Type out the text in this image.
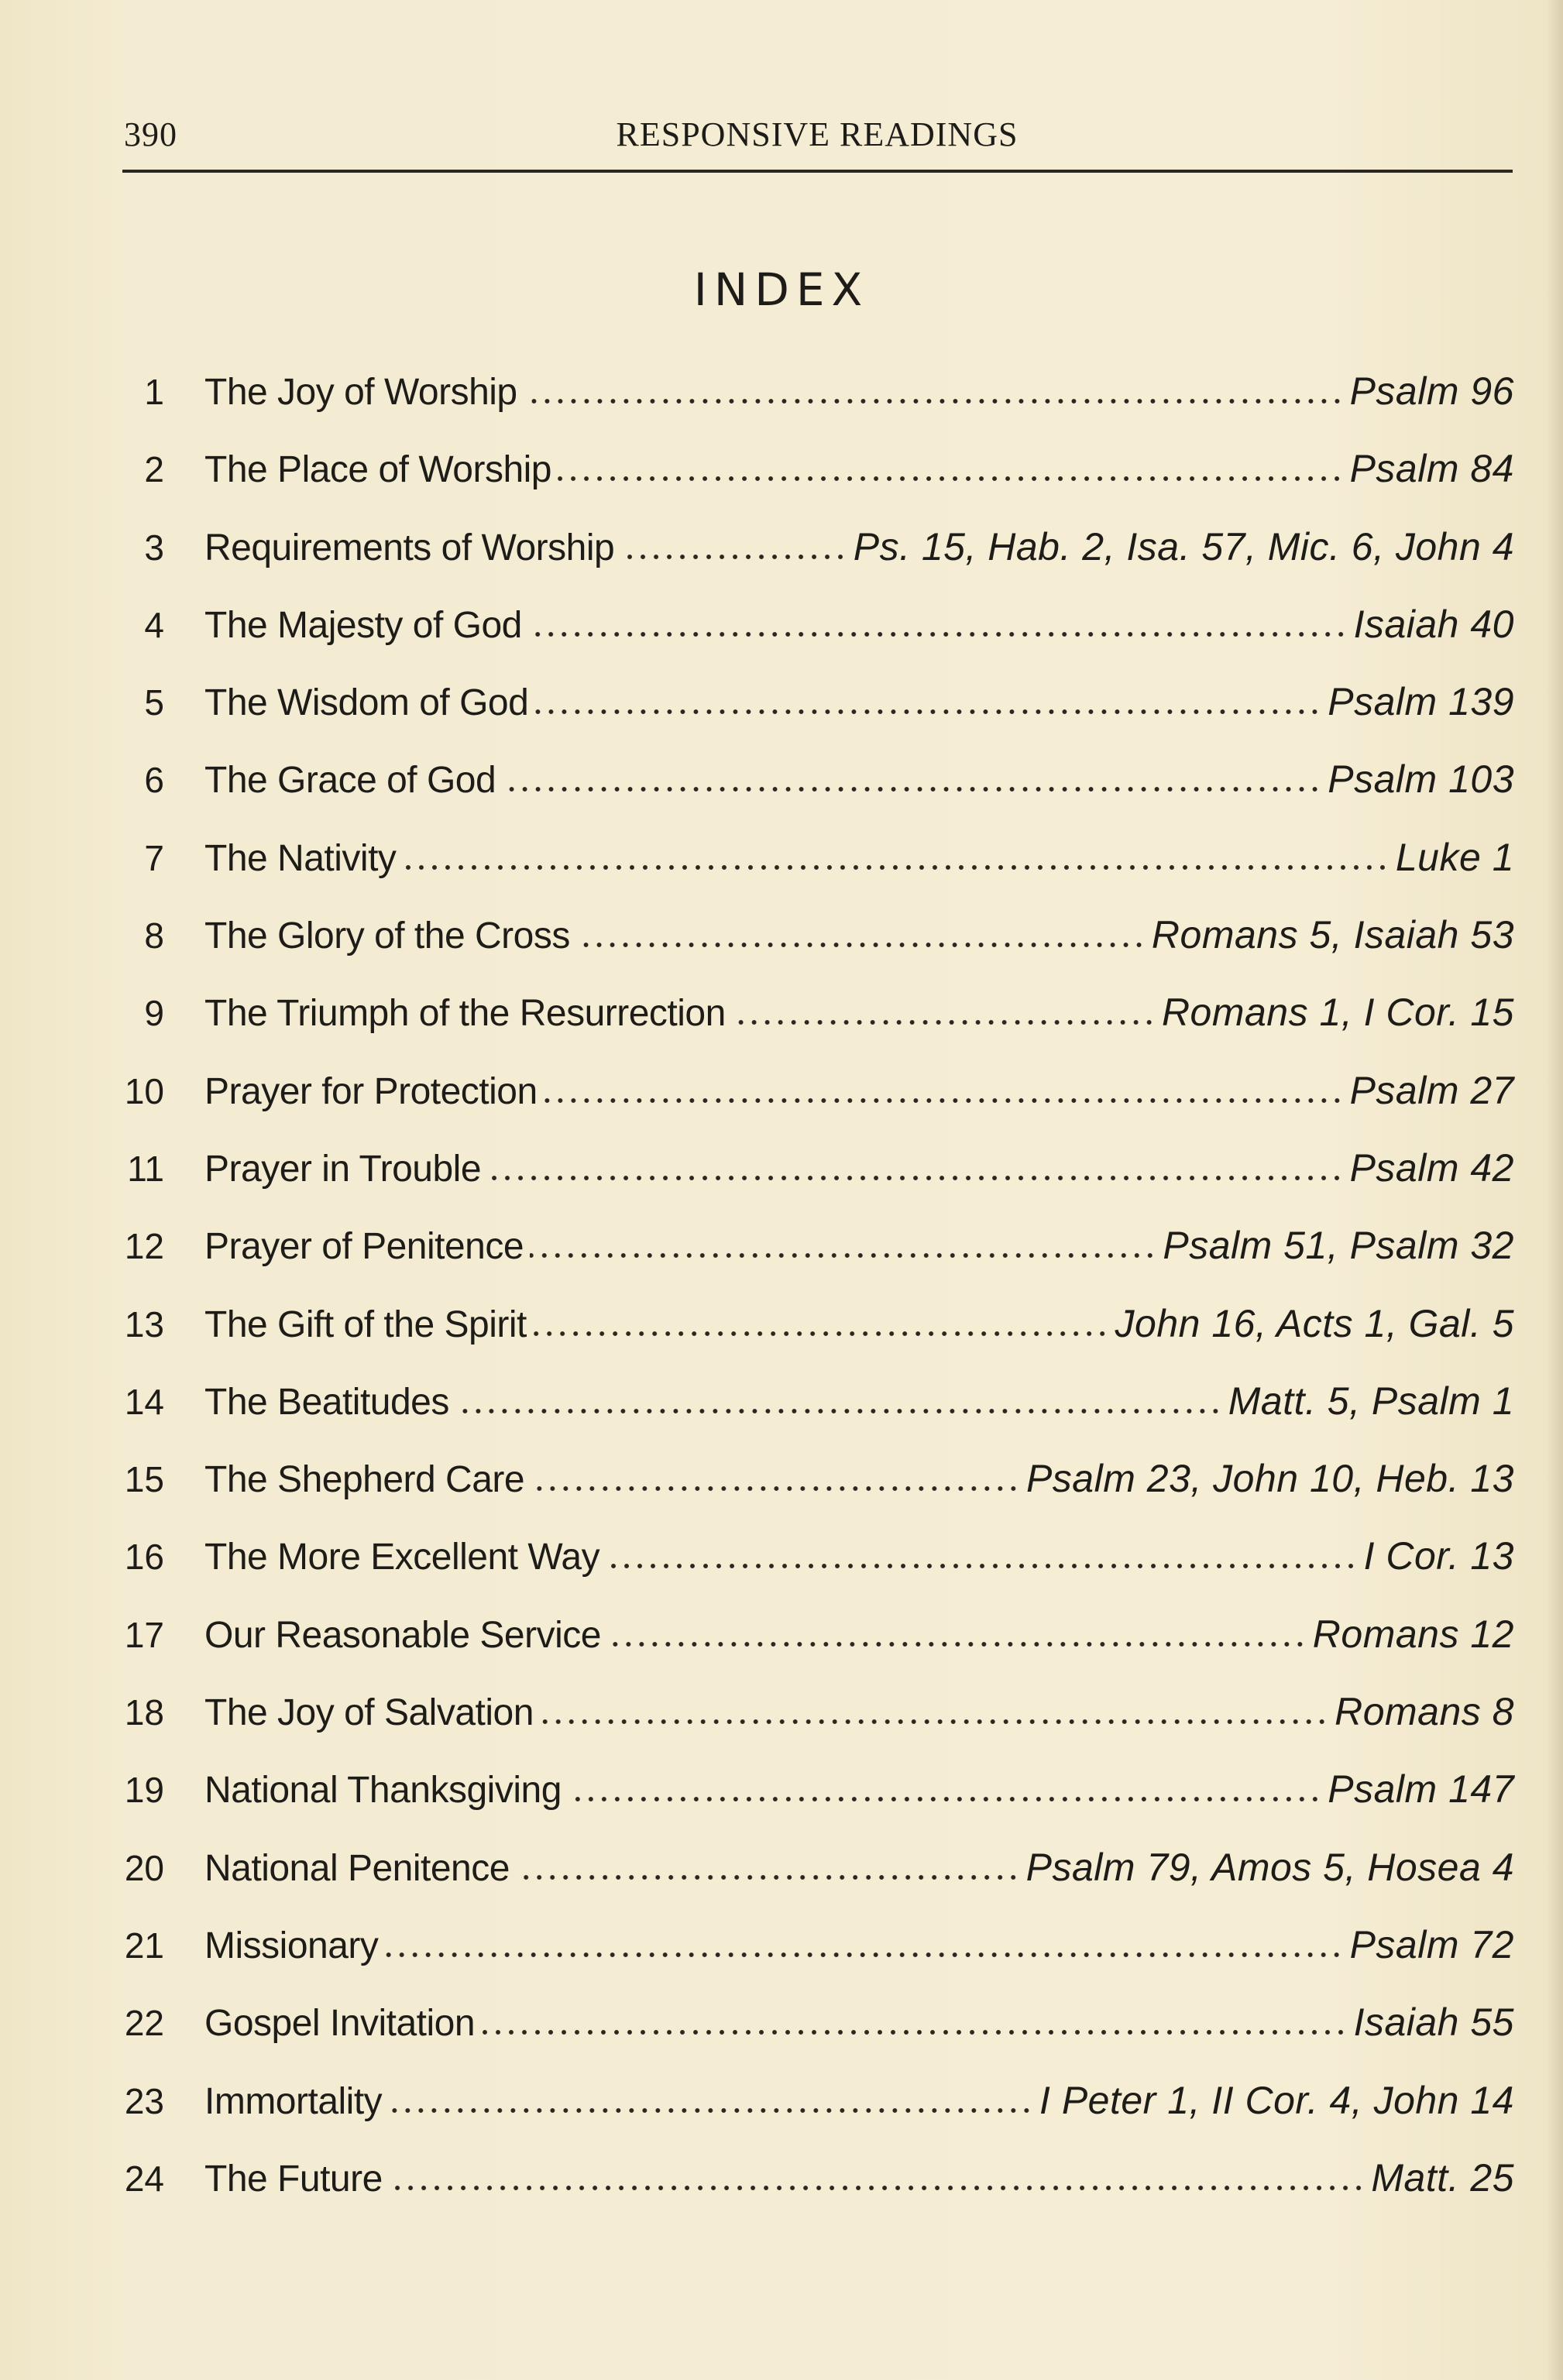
390	RESPONSIVE READINGS
INDEX
1 The Joy of Worship	Psalm 96
2 The Place of Worship	Psalm 84
3 Requirements of Worship	Ps. 15, Hab. 2, Isa. 57, Mic. 6, John 4
4 The Majesty of God	Isaiah 40
5 The Wisdom of God	Psalm 139
6 The Grace of God	Psalm 103
7 The Nativity	Luke 1
8 The Glory of the Cross	Romans 5, Isaiah 53
9 The Triumph of the Resurrection	Romans 1, I Cor. 15
10 Prayer for Protection	Psalm 27
11 Prayer in Trouble	Psalm 42
12 Prayer of Penitence	Psalm 51, Psalm 32
13 The Gift of the Spirit	John 16, Acts 1, Gal. 5
14 The Beatitudes	Matt. 5, Psalm 1
15 The Shepherd Care	Psalm 23, John 10, Heb. 13
16 The More Excellent Way	I Cor. 13
17 Our Reasonable Service	Romans 12
18 The Joy of Salvation	Romans 8
19 National Thanksgiving	Psalm 147
20 National Penitence	Psalm 79, Amos 5, Hosea 4
21 Missionary	Psalm 72
22 Gospel Invitation	Isaiah 55
23 Immortality	I Peter 1, II Cor. 4, John 14
24 The Future	Matt. 25
